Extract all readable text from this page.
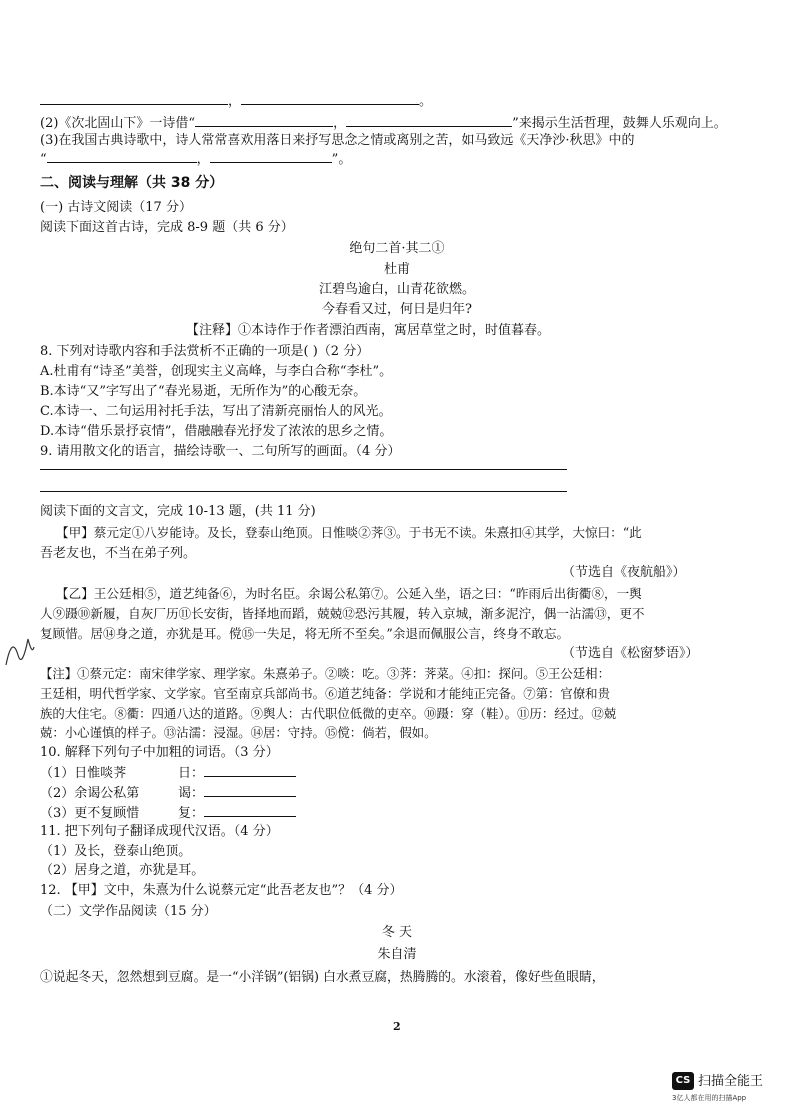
，	。
(2)《次北固山下》一诗借“	，	”来揭示生活哲理，鼓舞人乐观向上。
(3)在我国古典诗歌中，诗人常常喜欢用落日来抒写思念之情或离别之苦，如马致远《天净沙·秋思》中的
“	，	”。
二、阅读与理解（共 38 分）
(一) 古诗文阅读（17 分）
阅读下面这首古诗，完成 8-9 题（共 6 分）
绝句二首·其二①
杜甫
江碧鸟逾白，山青花欲燃。
今春看又过，何日是归年?
【注释】①本诗作于作者漂泊西南，寓居草堂之时，时值暮春。
8. 下列对诗歌内容和手法赏析不正确的一项是( )（2 分）
A.杜甫有“诗圣”美誉，创现实主义高峰，与李白合称“李杜”。
B.本诗“又”字写出了“春光易逝，无所作为”的心酸无奈。
C.本诗一、二句运用衬托手法，写出了清新亮丽怡人的风光。
D.本诗“借乐景抒哀情”，借融融春光抒发了浓浓的思乡之情。
9. 请用散文化的语言，描绘诗歌一、二句所写的画面。（4 分）
阅读下面的文言文，完成 10-13 题，(共 11 分)
【甲】蔡元定①八岁能诗。及长，登泰山绝顶。日惟啖②荠③。于书无不读。朱熹扣④其学，大惊曰：“此
吾老友也，不当在弟子列。
（节选自《夜航船》）
【乙】王公廷相⑤，道艺纯备⑥，为时名臣。余谒公私第⑦。公延入坐，语之曰：“昨雨后出街衢⑧，一舆
人⑨蹑⑩新履，自灰厂历⑪长安街，皆择地而蹈，兢兢⑫恐污其履，转入京城，渐多泥泞，偶一沾濡⑬，更不
复顾惜。居⑭身之道，亦犹是耳。傥⑮一失足，将无所不至矣。”余退而佩服公言，终身不敢忘。
（节选自《松窗梦语》）
【注】①蔡元定：南宋律学家、理学家。朱熹弟子。②啖：吃。③荠：荠菜。④扣：探问。⑤王公廷相：
王廷相，明代哲学家、文学家。官至南京兵部尚书。⑥道艺纯备：学说和才能纯正完备。⑦第：官僚和贵
族的大住宅。⑧衢：四通八达的道路。⑨舆人：古代职位低微的吏卒。⑩蹑：穿（鞋）。⑪历：经过。⑫兢
兢：小心谨慎的样子。⑬沾濡：浸湿。⑭居：守持。⑮傥：倘若，假如。
10. 解释下列句子中加粗的词语。（3 分）
（1）日惟啖荠	日：
（2）余谒公私第	谒：
（3）更不复顾惜	复：
11. 把下列句子翻译成现代汉语。（4 分）
（1）及长，登泰山绝顶。
（2）居身之道，亦犹是耳。
12. 【甲】文中，朱熹为什么说蔡元定“此吾老友也”？（4 分）
（二）文学作品阅读（15 分）
冬 天
朱自清
①说起冬天，忽然想到豆腐。是一“小洋锅”(铝锅) 白水煮豆腐，热腾腾的。水滚着，像好些鱼眼睛，
2
CS 扫描全能王
3亿人都在用的扫描App
